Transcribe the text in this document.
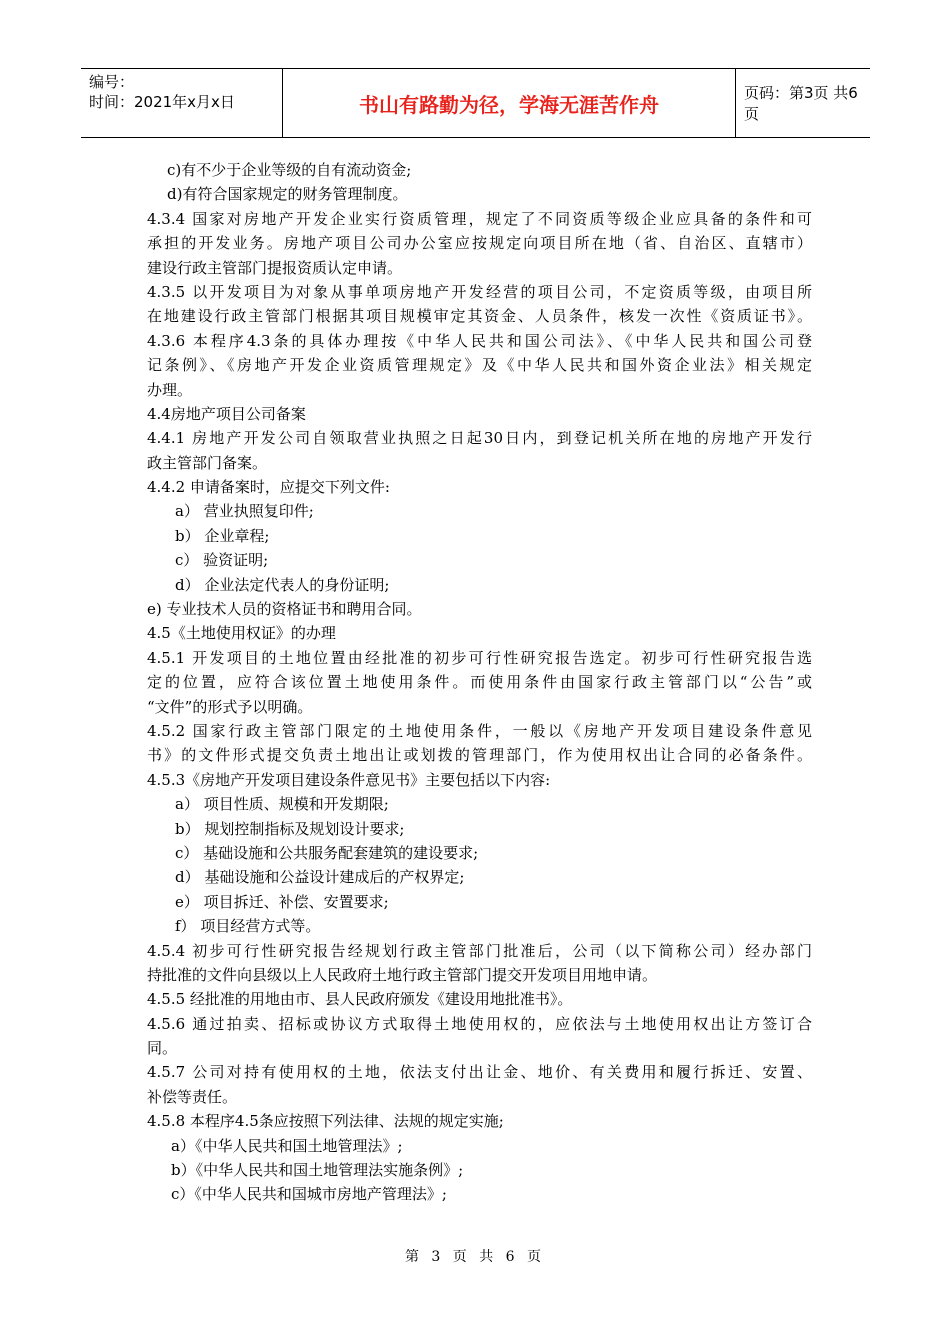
编号：
时间：2021年x月x日	书山有路勤为径，学海无涯苦作舟	页码：第3页 共6页
c)有不少于企业等级的自有流动资金;
d)有符合国家规定的财务管理制度。
4.3.4 国家对房地产开发企业实行资质管理，规定了不同资质等级企业应具备的条件和可
承担的开发业务。房地产项目公司办公室应按规定向项目所在地（省、自治区、直辖市）
建设行政主管部门提报资质认定申请。
4.3.5 以开发项目为对象从事单项房地产开发经营的项目公司，不定资质等级，由项目所
在地建设行政主管部门根据其项目规模审定其资金、人员条件，核发一次性《资质证书》。
4.3.6 本程序4.3条的具体办理按《中华人民共和国公司法》、《中华人民共和国公司登
记条例》、《房地产开发企业资质管理规定》及《中华人民共和国外资企业法》相关规定
办理。
4.4房地产项目公司备案
4.4.1 房地产开发公司自领取营业执照之日起30日内，到登记机关所在地的房地产开发行
政主管部门备案。
4.4.2 申请备案时，应提交下列文件:
a） 营业执照复印件;
b） 企业章程;
c） 验资证明;
d） 企业法定代表人的身份证明;
e) 专业技术人员的资格证书和聘用合同。
4.5《土地使用权证》的办理
4.5.1 开发项目的土地位置由经批准的初步可行性研究报告选定。初步可行性研究报告选
定的位置，应符合该位置土地使用条件。而使用条件由国家行政主管部门以“公告”或
“文件”的形式予以明确。
4.5.2 国家行政主管部门限定的土地使用条件，一般以《房地产开发项目建设条件意见
书》的文件形式提交负责土地出让或划拨的管理部门，作为使用权出让合同的必备条件。
4.5.3《房地产开发项目建设条件意见书》主要包括以下内容:
a） 项目性质、规模和开发期限;
b） 规划控制指标及规划设计要求;
c） 基础设施和公共服务配套建筑的建设要求;
d） 基础设施和公益设计建成后的产权界定;
e） 项目拆迁、补偿、安置要求;
f） 项目经营方式等。
4.5.4 初步可行性研究报告经规划行政主管部门批准后，公司（以下简称公司）经办部门
持批准的文件向县级以上人民政府土地行政主管部门提交开发项目用地申请。
4.5.5 经批准的用地由市、县人民政府颁发《建设用地批准书》。
4.5.6 通过拍卖、招标或协议方式取得土地使用权的，应依法与土地使用权出让方签订合
同。
4.5.7 公司对持有使用权的土地，依法支付出让金、地价、有关费用和履行拆迁、安置、
补偿等责任。
4.5.8 本程序4.5条应按照下列法律、法规的规定实施;
a）《中华人民共和国土地管理法》;
b）《中华人民共和国土地管理法实施条例》;
c）《中华人民共和国城市房地产管理法》;
第 3 页 共 6 页
